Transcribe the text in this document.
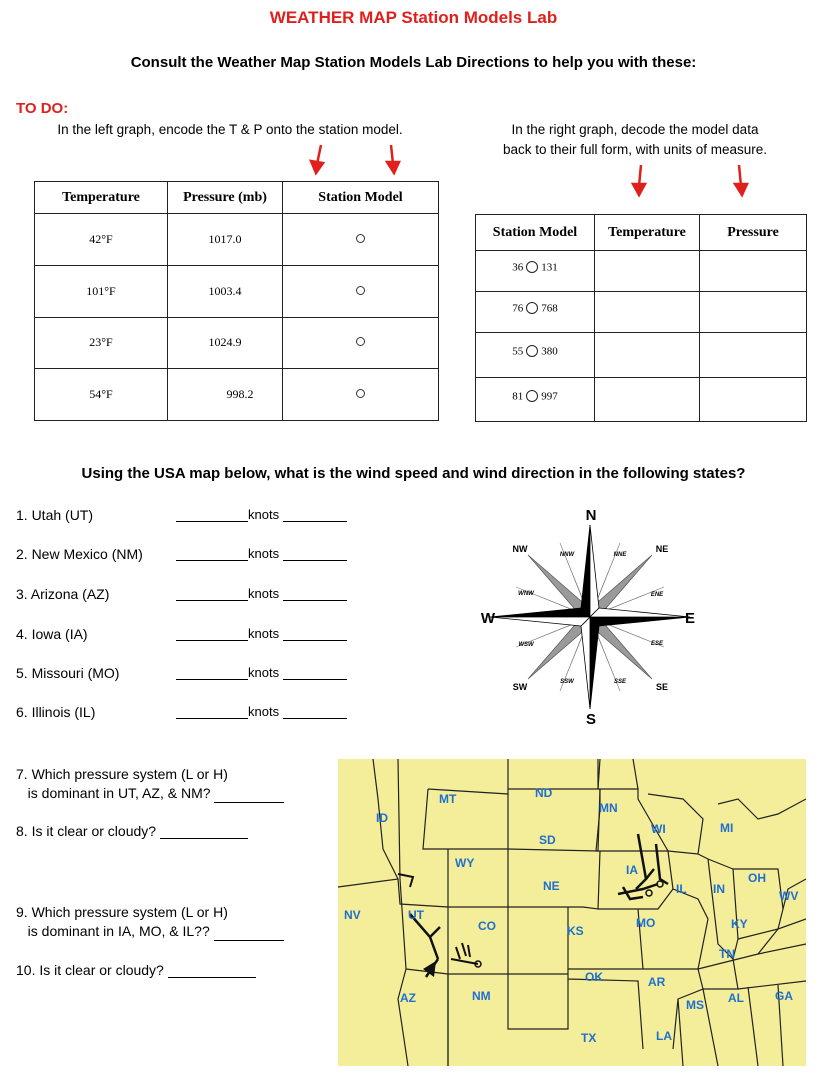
WEATHER MAP Station Models Lab
Consult the Weather Map Station Models Lab Directions to help you with these:
TO DO:
In the left graph, encode the T & P onto the station model.	In the right graph, decode the model data
back to their full form, with units of measure.
Temperature	Pressure (mb)	Station Model
42°F	1017.0	
101°F	1003.4	
23°F	1024.9	
54°F	998.2	
Station Model	Temperature	Pressure
36 131		
76 768		
55 380		
81 997		
Using the USA map below, what is the wind speed and wind direction in the following states?
1. Utah (UT)	knots
2. New Mexico (NM)	knots
3. Arizona (AZ)	knots
4. Iowa (IA)	knots
5. Missouri (MO)	knots
6. Illinois (IL)	knots
N
S
E
W
NW	NE
SW	SE
NNW	NNE
ENE
ESE
SSE
SSW
WSW
WNW
7. Which pressure system (L or H)
is dominant in UT, AZ, & NM?
8. Is it clear or cloudy?
9. Which pressure system (L or H)
is dominant in IA, MO, & IL??
10. Is it clear or cloudy?
ID
MT	ND
MN
WI	MI
SD
WY	IA
NE
NV	UT
CO	KS
MO
IL IN
OH
WV
KY
TN
OK	AR
AZ	NM
TX
MS AL	GA
LA
